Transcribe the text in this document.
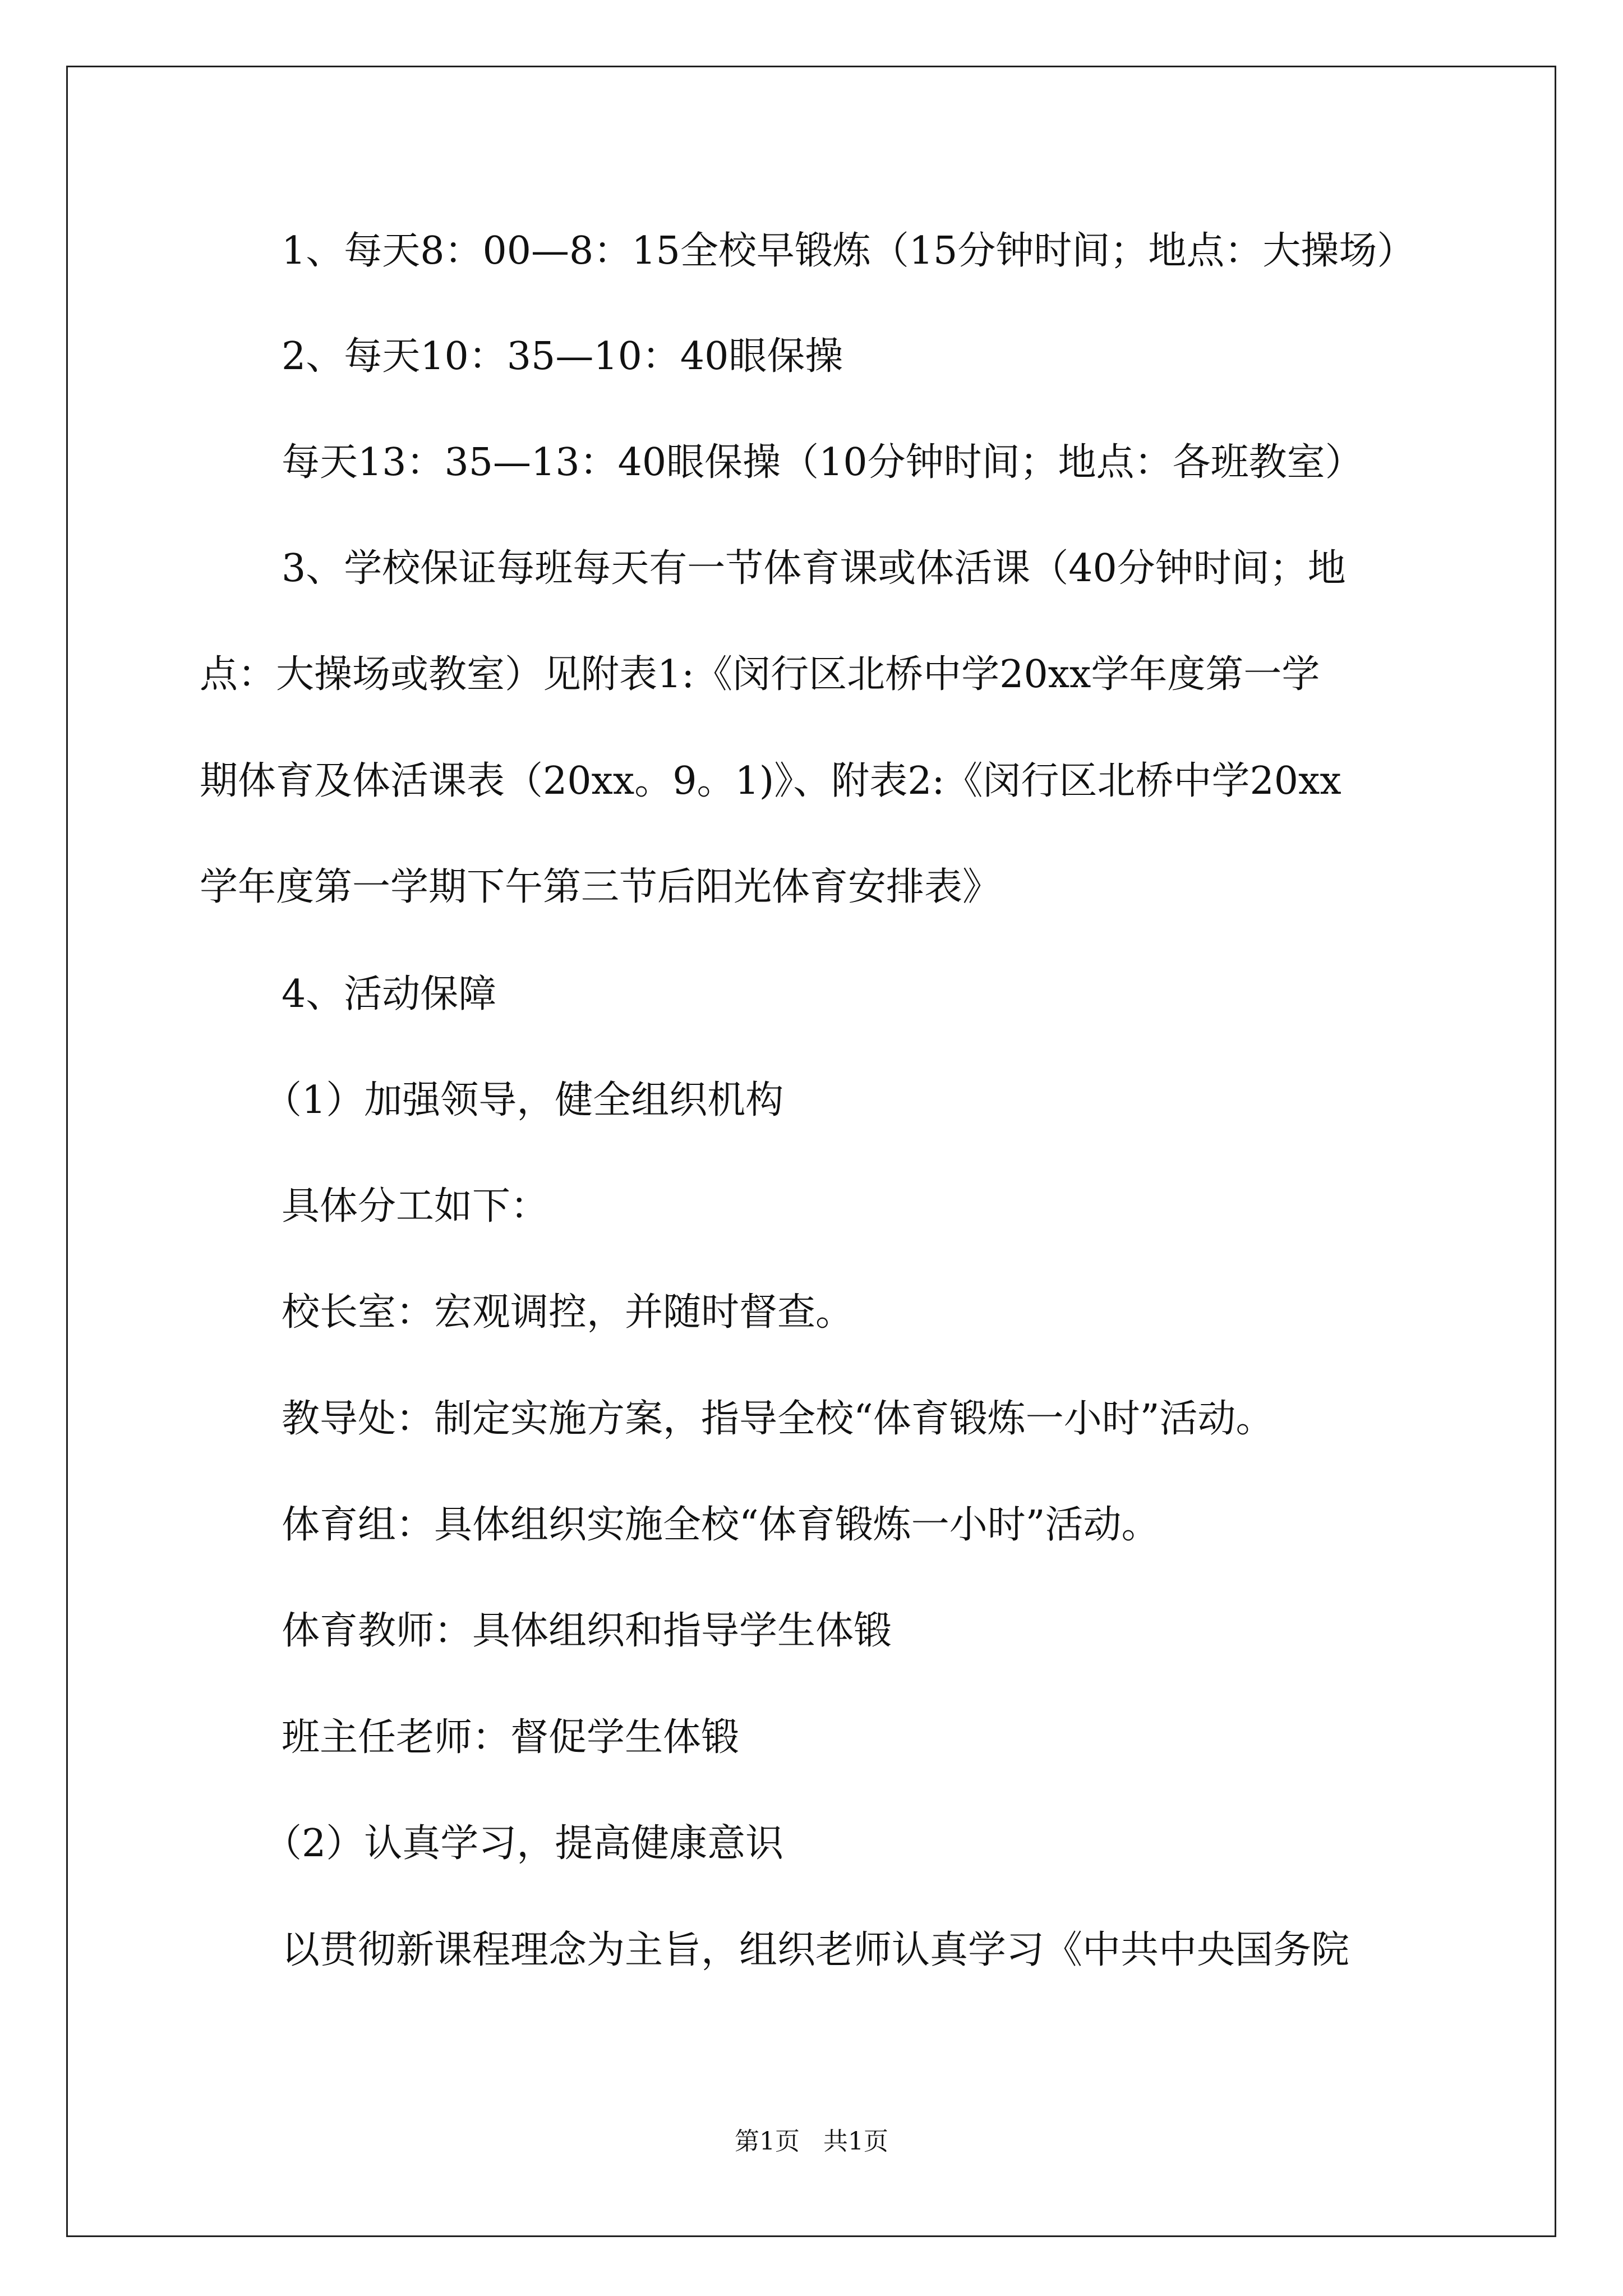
1、每天8：00—8：15全校早锻炼（15分钟时间；地点：大操场）
2、每天10：35—10：40眼保操
每天13：35—13：40眼保操（10分钟时间；地点：各班教室）
3、学校保证每班每天有一节体育课或体活课（40分钟时间；地
点：大操场或教室）见附表1:《闵行区北桥中学20xx学年度第一学
期体育及体活课表（20xx。9。1)》、附表2:《闵行区北桥中学20xx
学年度第一学期下午第三节后阳光体育安排表》
4、活动保障
（1）加强领导，健全组织机构
具体分工如下：
校长室：宏观调控，并随时督查。
教导处：制定实施方案，指导全校“体育锻炼一小时”活动。
体育组：具体组织实施全校“体育锻炼一小时”活动。
体育教师：具体组织和指导学生体锻
班主任老师：督促学生体锻
（2）认真学习，提高健康意识
以贯彻新课程理念为主旨，组织老师认真学习《中共中央国务院
第1页   共1页
